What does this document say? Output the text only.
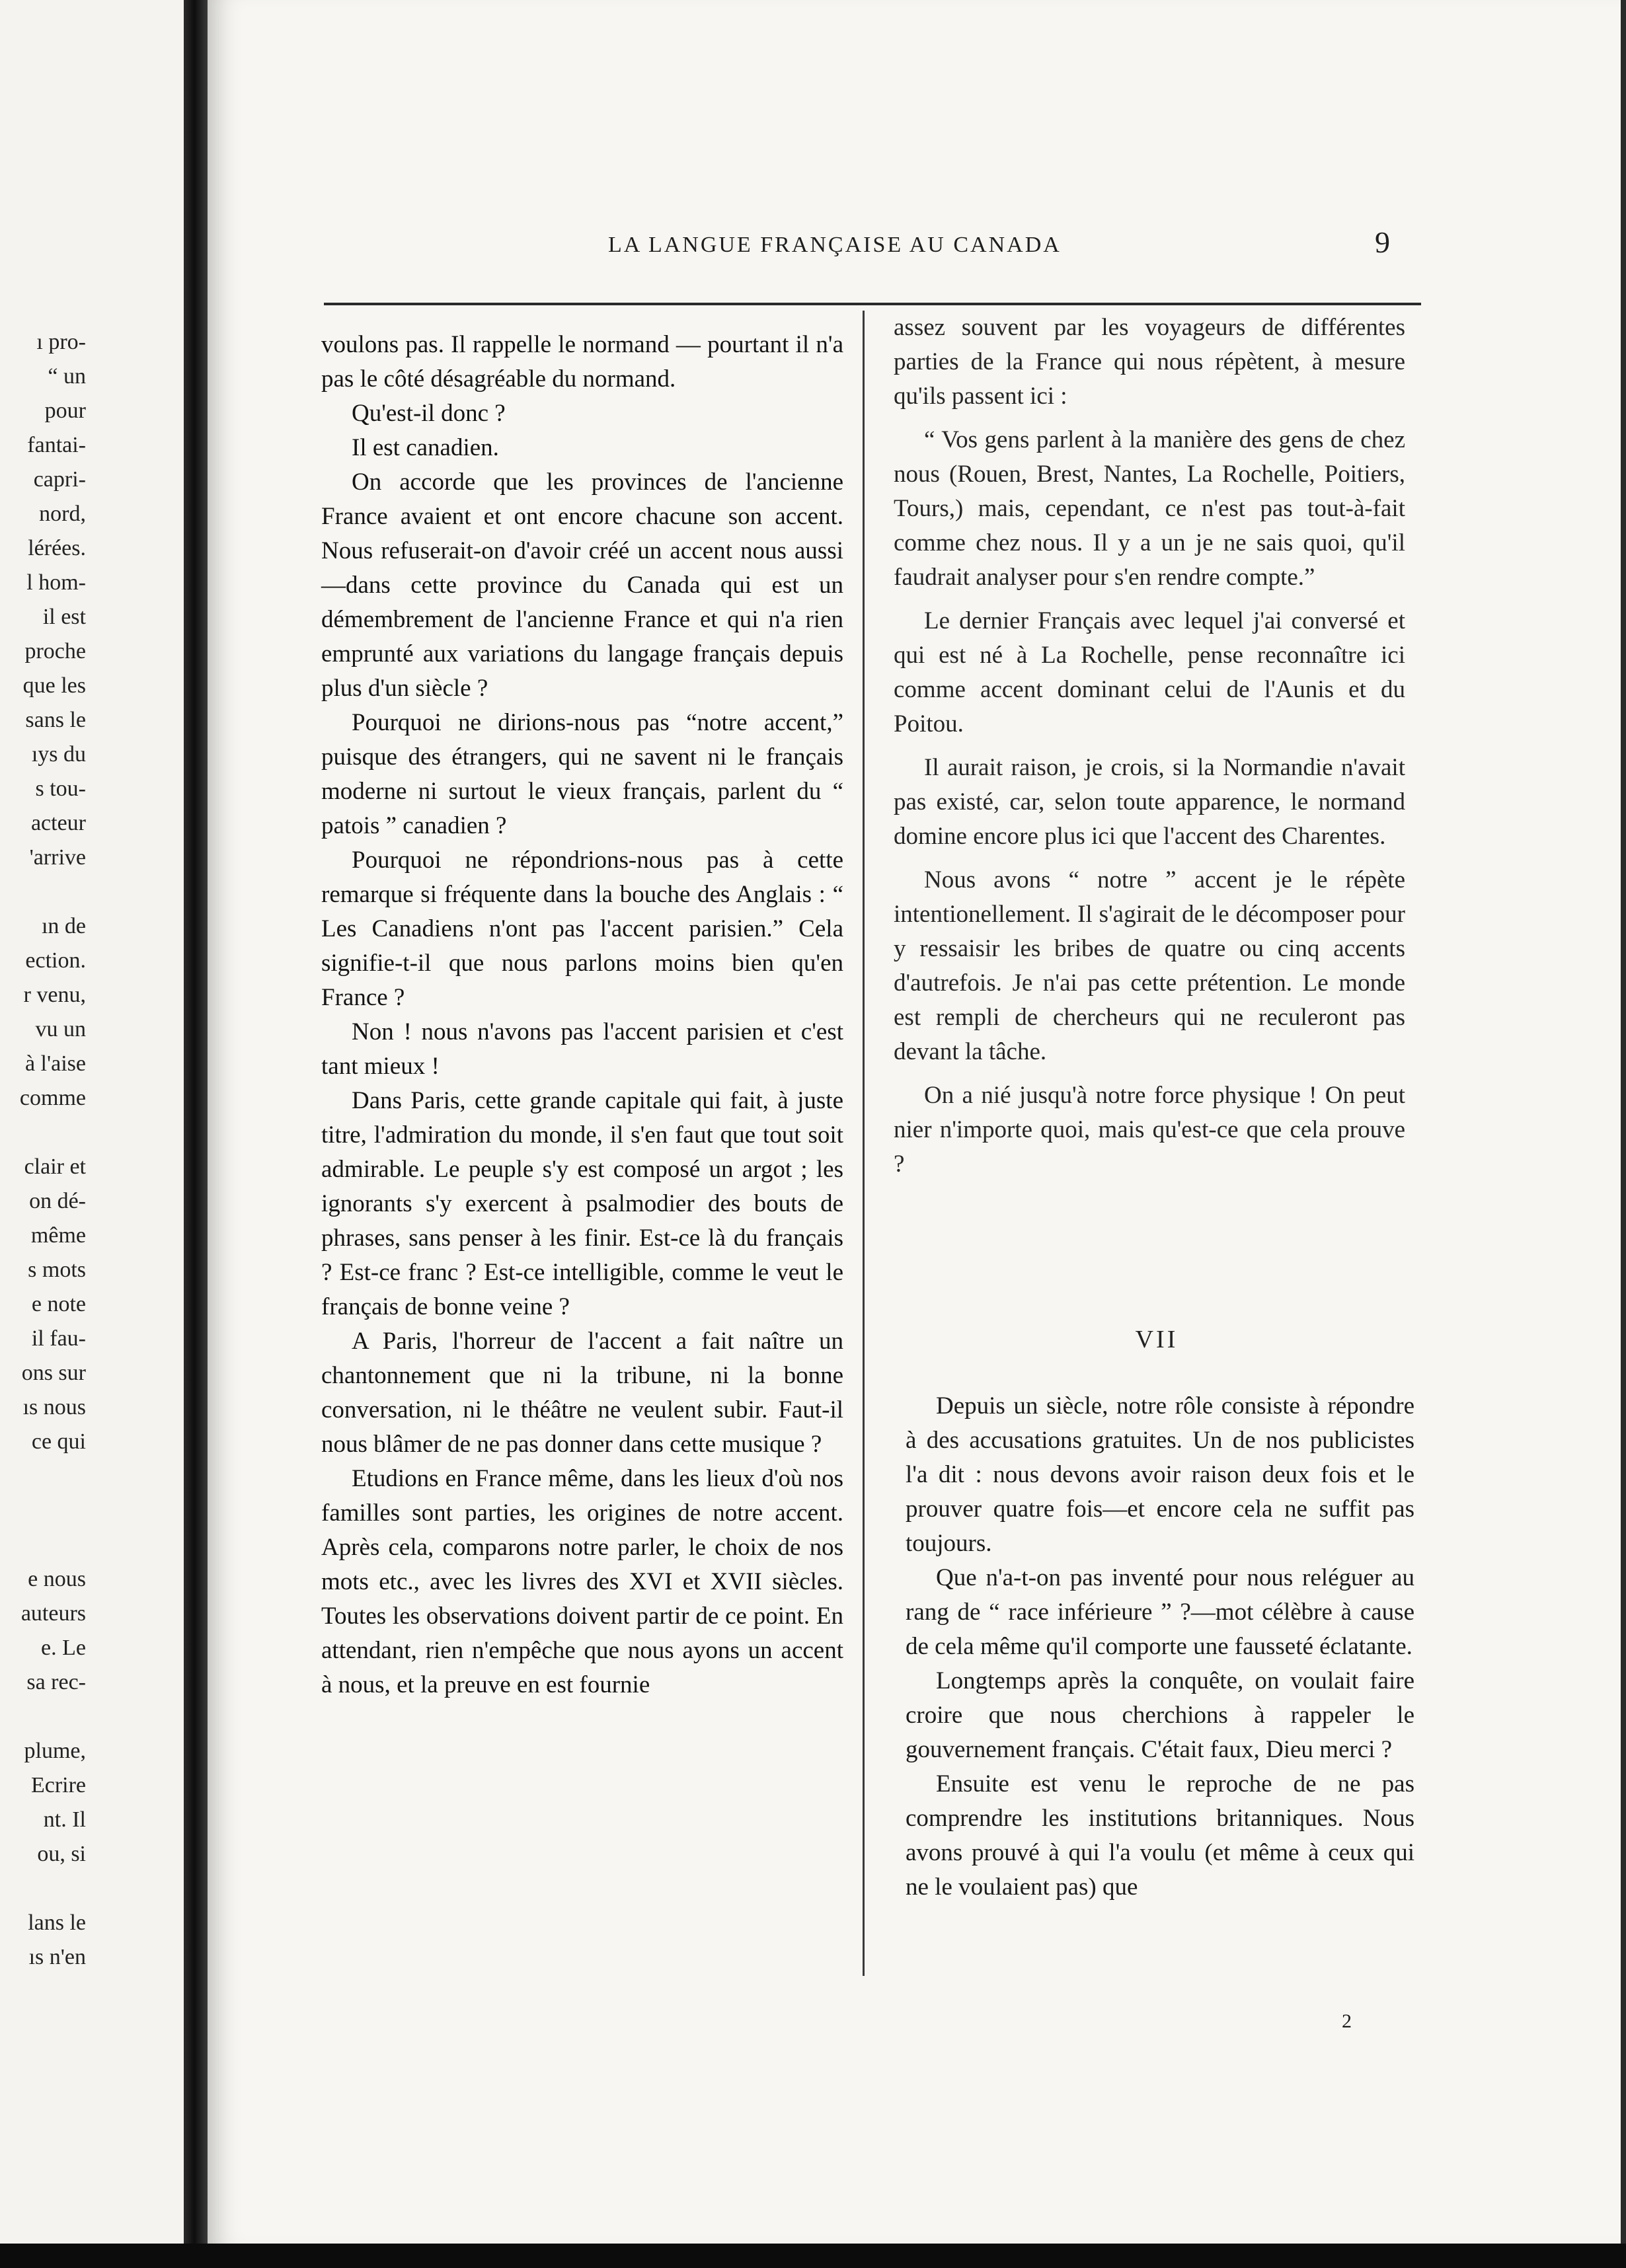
ı pro-
“ un
pour
fantai-
capri-
nord,
lérées.
l hom-
il est
proche
que les
sans le
ıys du
s tou-
acteur
'arrive
ın de
ection.
r venu,
vu un
à l'aise
comme
clair et
on dé-
même
s mots
e note
il fau-
ons sur
ıs nous
ce qui
e nous
auteurs
e. Le
sa rec-
plume,
Ecrire
nt. Il
ou, si
lans le
ıs n'en
LA LANGUE FRANÇAISE AU CANADA	9

voulons pas. Il rappelle le normand — pourtant il n'a pas le côté désagréable du normand.

Qu'est-il donc ?

Il est canadien.

On accorde que les provinces de l'ancienne France avaient et ont encore chacune son accent. Nous refuserait-on d'avoir créé un accent nous aussi—dans cette province du Canada qui est un démembrement de l'ancienne France et qui n'a rien emprunté aux variations du langage français depuis plus d'un siècle ?

Pourquoi ne dirions-nous pas “notre accent,” puisque des étrangers, qui ne savent ni le français moderne ni surtout le vieux français, parlent du “ patois ” canadien ?

Pourquoi ne répondrions-nous pas à cette remarque si fréquente dans la bouche des Anglais : “ Les Canadiens n'ont pas l'accent parisien.” Cela signifie-t-il que nous parlons moins bien qu'en France ?

Non ! nous n'avons pas l'accent parisien et c'est tant mieux !

Dans Paris, cette grande capitale qui fait, à juste titre, l'admiration du monde, il s'en faut que tout soit admirable. Le peuple s'y est composé un argot ; les ignorants s'y exercent à psalmodier des bouts de phrases, sans penser à les finir. Est-ce là du français ? Est-ce franc ? Est-ce intelligible, comme le veut le français de bonne veine ?

A Paris, l'horreur de l'accent a fait naître un chantonnement que ni la tribune, ni la bonne conversation, ni le théâtre ne veulent subir. Faut-il nous blâmer de ne pas donner dans cette musique ?

Etudions en France même, dans les lieux d'où nos familles sont parties, les origines de notre accent. Après cela, comparons notre parler, le choix de nos mots etc., avec les livres des XVI et XVII siècles. Toutes les observations doivent partir de ce point. En attendant, rien n'empêche que nous ayons un accent à nous, et la preuve en est fournie

assez souvent par les voyageurs de différentes parties de la France qui nous répètent, à mesure qu'ils passent ici :

“ Vos gens parlent à la manière des gens de chez nous (Rouen, Brest, Nantes, La Rochelle, Poitiers, Tours,) mais, cependant, ce n'est pas tout-à-fait comme chez nous. Il y a un je ne sais quoi, qu'il faudrait analyser pour s'en rendre compte.”

Le dernier Français avec lequel j'ai conversé et qui est né à La Rochelle, pense reconnaître ici comme accent dominant celui de l'Aunis et du Poitou.

Il aurait raison, je crois, si la Normandie n'avait pas existé, car, selon toute apparence, le normand domine encore plus ici que l'accent des Charentes.

Nous avons “ notre ” accent je le répète intentionellement. Il s'agirait de le décomposer pour y ressaisir les bribes de quatre ou cinq accents d'autrefois. Je n'ai pas cette prétention. Le monde est rempli de chercheurs qui ne reculeront pas devant la tâche.

On a nié jusqu'à notre force physique ! On peut nier n'importe quoi, mais qu'est-ce que cela prouve ?

VII

Depuis un siècle, notre rôle consiste à répondre à des accusations gratuites. Un de nos publicistes l'a dit : nous devons avoir raison deux fois et le prouver quatre fois—et encore cela ne suffit pas toujours.

Que n'a-t-on pas inventé pour nous reléguer au rang de “ race inférieure ” ?—mot célèbre à cause de cela même qu'il comporte une fausseté éclatante.

Longtemps après la conquête, on voulait faire croire que nous cherchions à rappeler le gouvernement français. C'était faux, Dieu merci ?

Ensuite est venu le reproche de ne pas comprendre les institutions britanniques. Nous avons prouvé à qui l'a voulu (et même à ceux qui ne le voulaient pas) que

2
